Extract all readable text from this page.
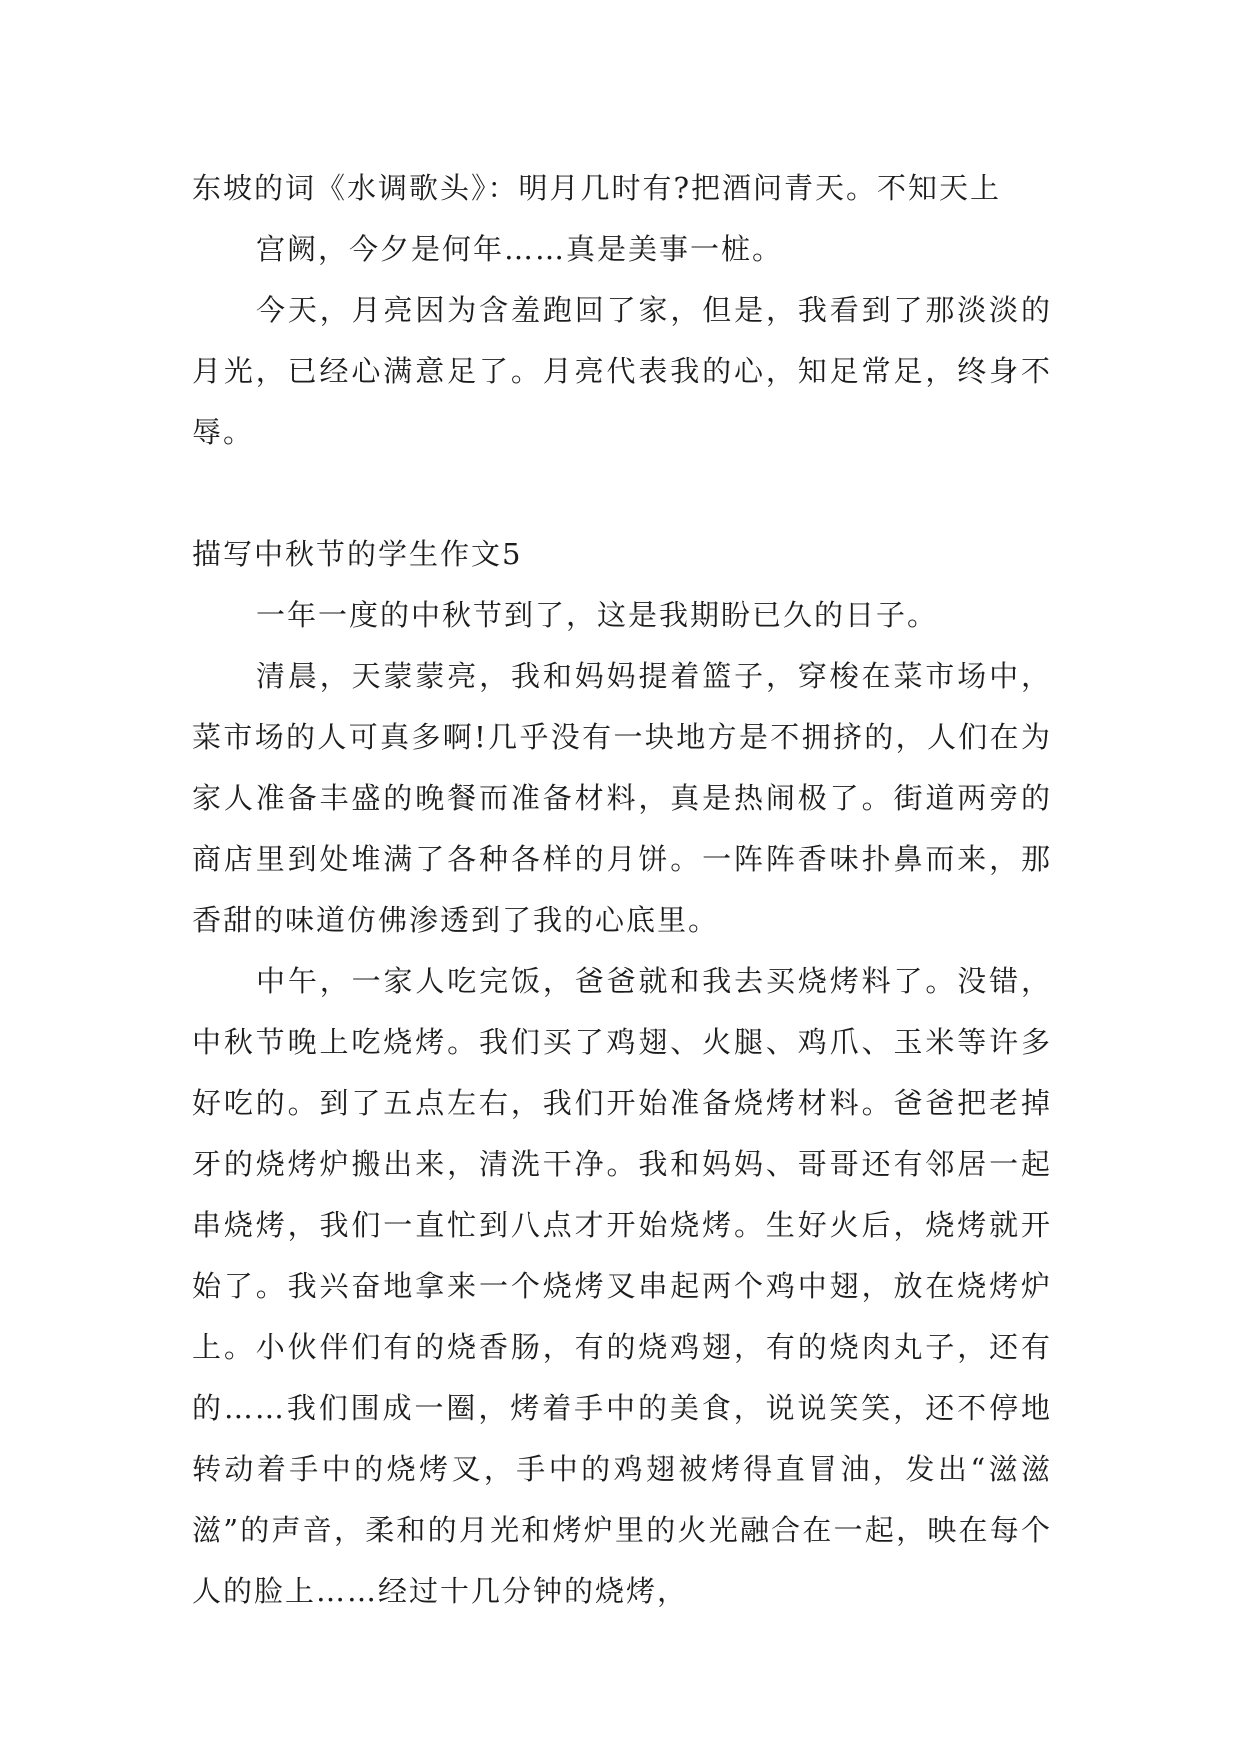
东坡的词《水调歌头》：明月几时有?把酒问青天。不知天上

宫阙，今夕是何年……真是美事一桩。

今天，月亮因为含羞跑回了家，但是，我看到了那淡淡的月光，已经心满意足了。月亮代表我的心，知足常足，终身不辱。

描写中秋节的学生作文5

一年一度的中秋节到了，这是我期盼已久的日子。

清晨，天蒙蒙亮，我和妈妈提着篮子，穿梭在菜市场中，菜市场的人可真多啊!几乎没有一块地方是不拥挤的，人们在为家人准备丰盛的晚餐而准备材料，真是热闹极了。街道两旁的商店里到处堆满了各种各样的月饼。一阵阵香味扑鼻而来，那香甜的味道仿佛渗透到了我的心底里。

中午，一家人吃完饭，爸爸就和我去买烧烤料了。没错，中秋节晚上吃烧烤。我们买了鸡翅、火腿、鸡爪、玉米等许多好吃的。到了五点左右，我们开始准备烧烤材料。爸爸把老掉牙的烧烤炉搬出来，清洗干净。我和妈妈、哥哥还有邻居一起串烧烤，我们一直忙到八点才开始烧烤。生好火后，烧烤就开始了。我兴奋地拿来一个烧烤叉串起两个鸡中翅，放在烧烤炉上。小伙伴们有的烧香肠，有的烧鸡翅，有的烧肉丸子，还有的……我们围成一圈，烤着手中的美食，说说笑笑，还不停地转动着手中的烧烤叉，手中的鸡翅被烤得直冒油，发出“滋滋滋”的声音，柔和的月光和烤炉里的火光融合在一起，映在每个人的脸上……经过十几分钟的烧烤，
